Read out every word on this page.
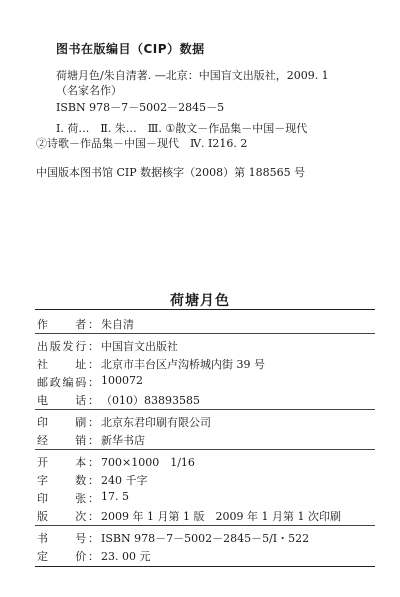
图书在版编目（CIP）数据
荷塘月色/朱自清著. —北京：中国盲文出版社，2009. 1
（名家名作）
ISBN 978－7－5002－2845－5
Ⅰ. 荷…　Ⅱ. 朱…　Ⅲ. ①散文－作品集－中国－现代
②诗歌－作品集－中国－现代　Ⅳ. I216. 2
中国版本图书馆 CIP 数据核字（2008）第 188565 号
荷塘月色
作　　者： 朱自清
出版发行： 中国盲文出版社
社　　址： 北京市丰台区卢沟桥城内街 39 号
邮政编码： 100072
电　　话： （010）83893585
印　　刷： 北京东君印刷有限公司
经　　销： 新华书店
开　　本： 700×1000　1/16
字　　数： 240 千字
印　　张： 17. 5
版　　次： 2009 年 1 月第 1 版　2009 年 1 月第 1 次印刷
书　　号： ISBN 978－7－5002－2845－5/I・522
定　　价： 23. 00 元
